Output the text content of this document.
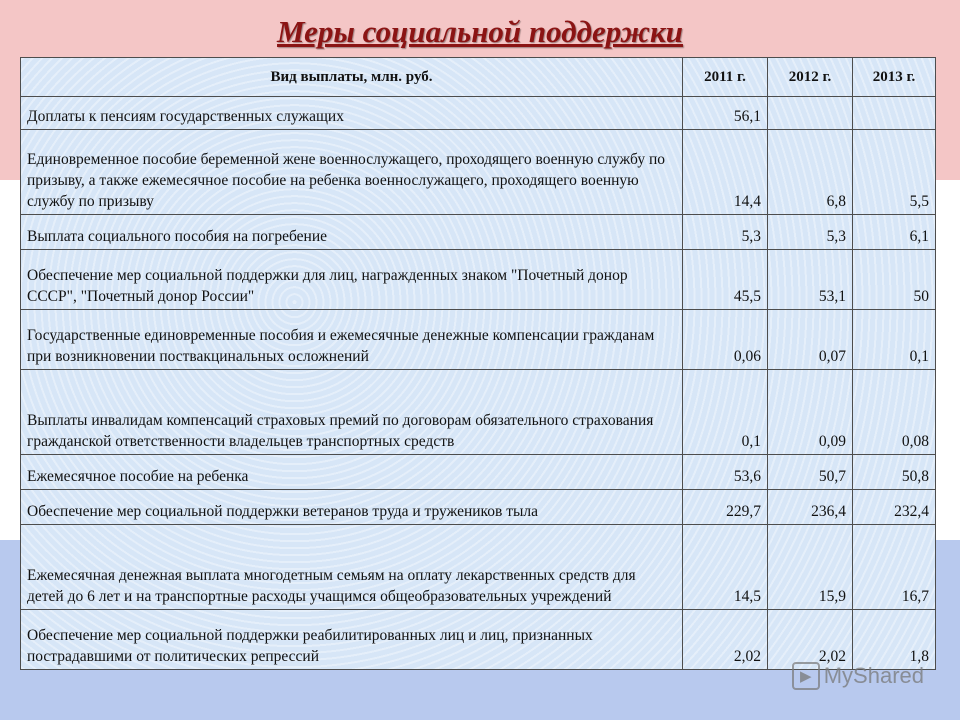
Меры социальной поддержки
Вид выплаты, млн. руб.	2011 г.	2012 г.	2013 г.
Доплаты к пенсиям государственных служащих	56,1		
Единовременное пособие беременной жене военнослужащего, проходящего военную службу по призыву, а также ежемесячное пособие на ребенка военнослужащего, проходящего военную службу по призыву	14,4	6,8	5,5
Выплата социального пособия на погребение	5,3	5,3	6,1
Обеспечение мер социальной поддержки для лиц, награжденных знаком "Почетный донор СССР", "Почетный донор России"	45,5	53,1	50
Государственные единовременные пособия и ежемесячные денежные компенсации гражданам при возникновении поствакцинальных осложнений	0,06	0,07	0,1
Выплаты инвалидам компенсаций страховых премий по договорам обязательного страхования гражданской ответственности владельцев транспортных средств	0,1	0,09	0,08
Ежемесячное пособие на ребенка	53,6	50,7	50,8
Обеспечение мер социальной поддержки ветеранов труда и тружеников тыла	229,7	236,4	232,4
Ежемесячная денежная выплата многодетным семьям на оплату лекарственных средств для детей до 6 лет и на транспортные расходы учащимся общеобразовательных учреждений	14,5	15,9	16,7
Обеспечение мер социальной поддержки реабилитированных лиц и лиц, признанных пострадавшими от политических репрессий	2,02	2,02	1,8
▶ MyShared
